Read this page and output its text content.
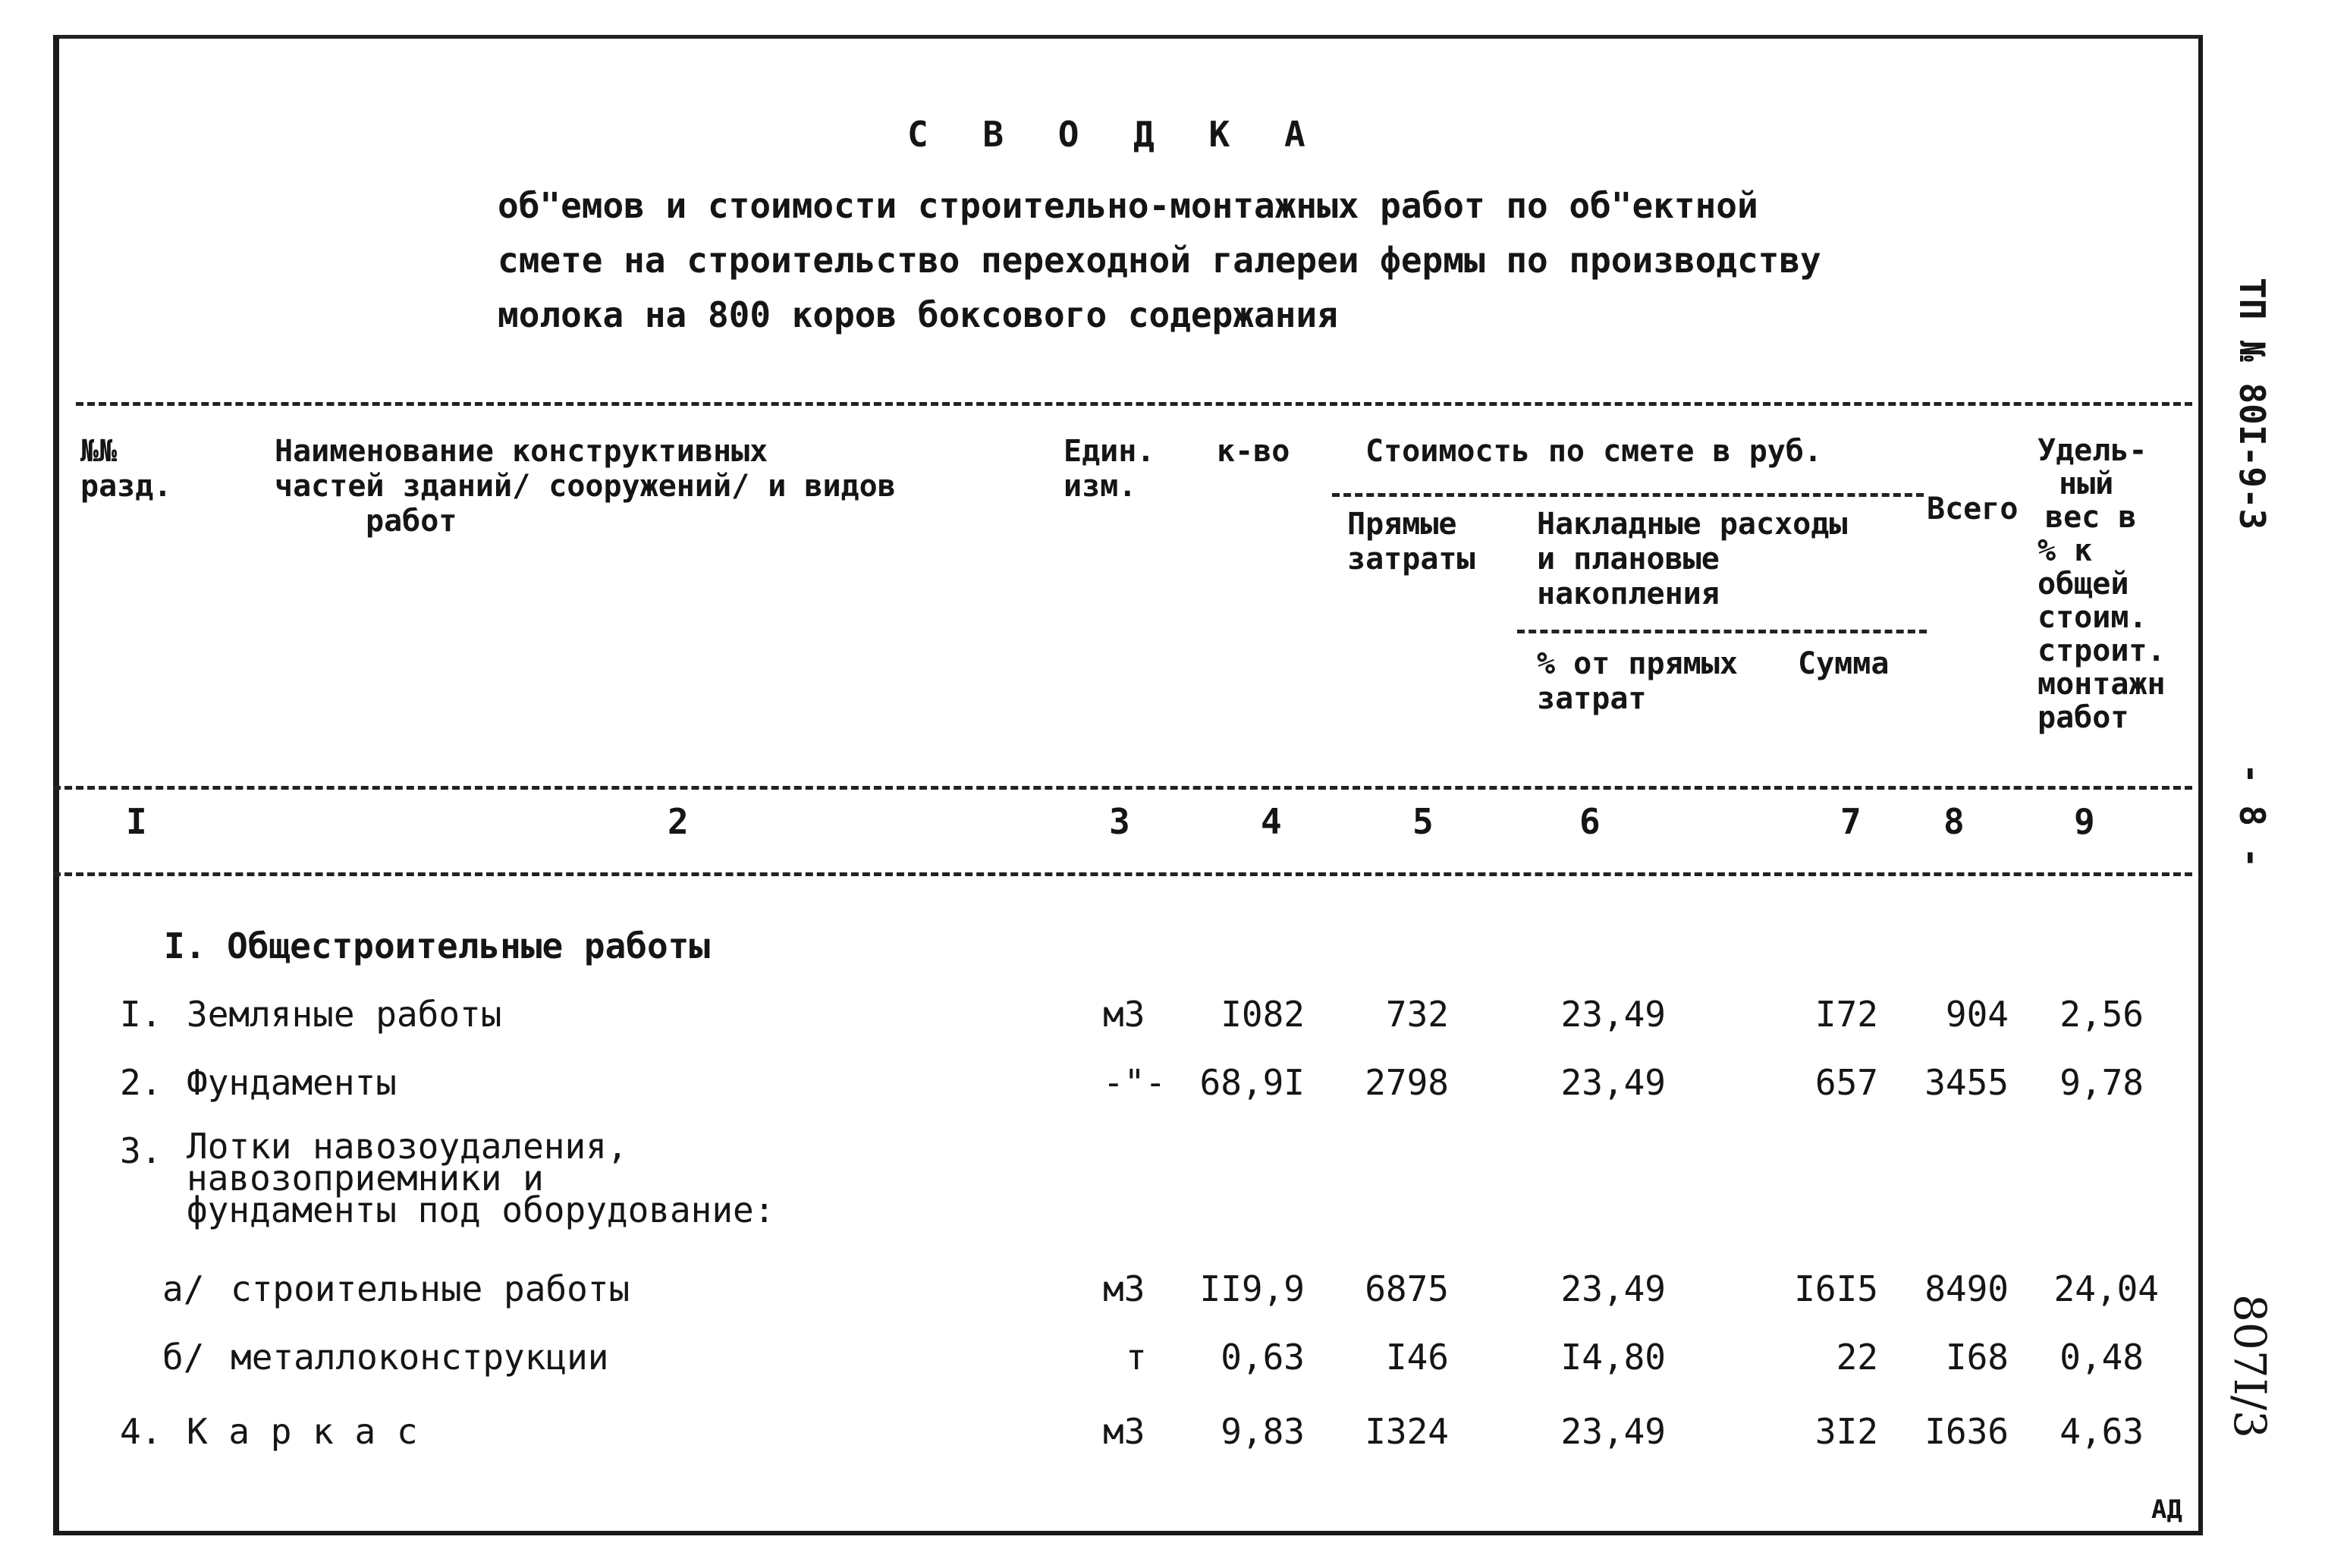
С В О Д К А
об"емов и стоимости строительно-монтажных работ по об"ектной
смете на строительство переходной галереи фермы по производству
молока на 800 коров боксового содержания
№№
разд.
Наименование конструктивных
частей зданий/ сооружений/ и видов
работ
Един.
изм.
к-во Стоимость по смете в руб.
Прямые
затраты
Накладные расходы
и плановые
накопления
% от прямых
затрат
Сумма
Всего
Удель-
ный
вес в
% к
общей
стоим.
строит.
монтажн
работ
I	2	3	4	5	6	7 8	9
I. Общестроительные работы
I. Земляные работы	м3	I082	732	23,49	I72	904	2,56
2. Фундаменты	-"- 68,9I	2798	23,49	657	3455	9,78
3. Лотки навозоудаления,
навозоприемники и
фундаменты под оборудование:
а/ строительные работы	м3	II9,9	6875	23,49	I6I5	8490	24,04
б/ металлоконструкции	т	0,63	I46	I4,80	22	I68	0,48
4. К а р к а с	м3	9,83	I324	23,49	3I2	I636	4,63
ТП № 80I-9-3
- 8 -
807I/3
АД
